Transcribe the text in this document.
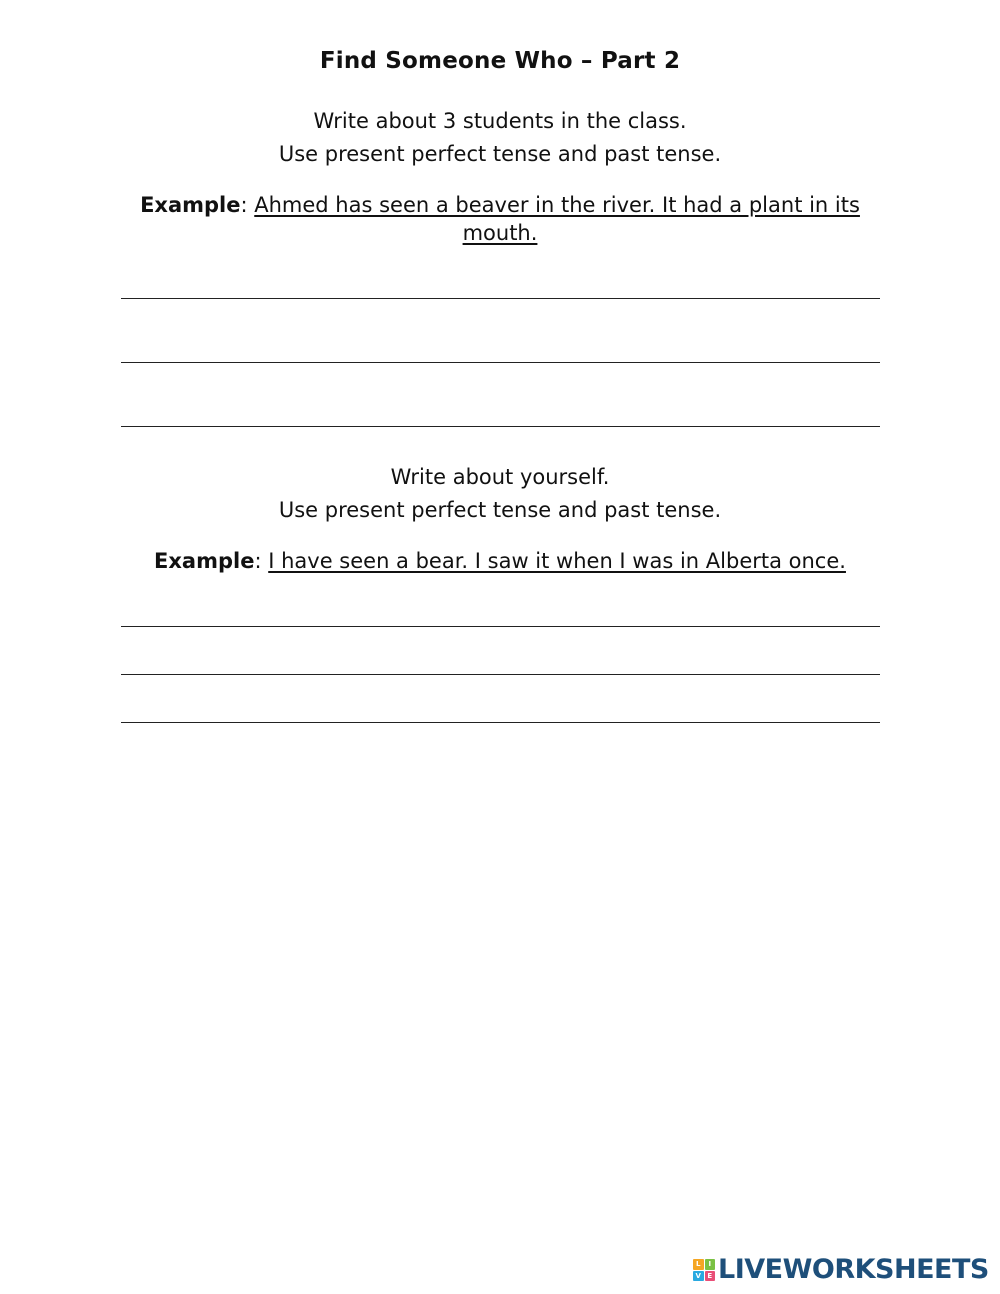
Find Someone Who – Part 2
Write about 3 students in the class.
Use present perfect tense and past tense.
Example: Ahmed has seen a beaver in the river. It had a plant in its mouth.
Write about yourself.
Use present perfect tense and past tense.
Example: I have seen a bear. I saw it when I was in Alberta once.
L	I
V E LIVEWORKSHEETS
